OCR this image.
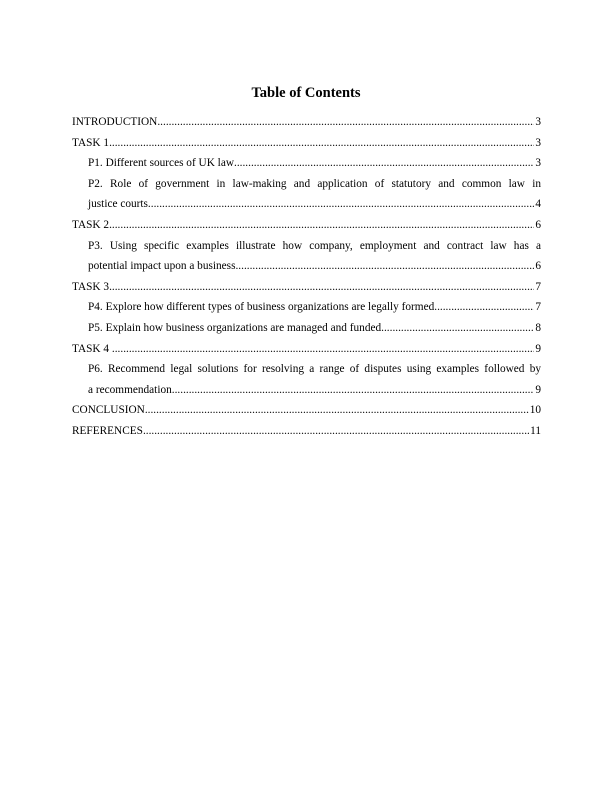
Table of Contents
INTRODUCTION .....	3
TASK 1 .....	3
P1. Different sources of UK law .....	3
P2. Role of government in law-making and application of statutory and common law in
justice courts .....	4
TASK 2 .....	6
P3. Using specific examples illustrate how company, employment and contract law has a
potential impact upon a business .....	6
TASK 3 .....	7
P4. Explore how different types of business organizations are legally formed .....	7
P5. Explain how business organizations are managed and funded .....	8
TASK 4 .....	9
P6. Recommend legal solutions for resolving a range of disputes using examples followed by
a recommendation .....	9
CONCLUSION .....	10
REFERENCES .....	11
